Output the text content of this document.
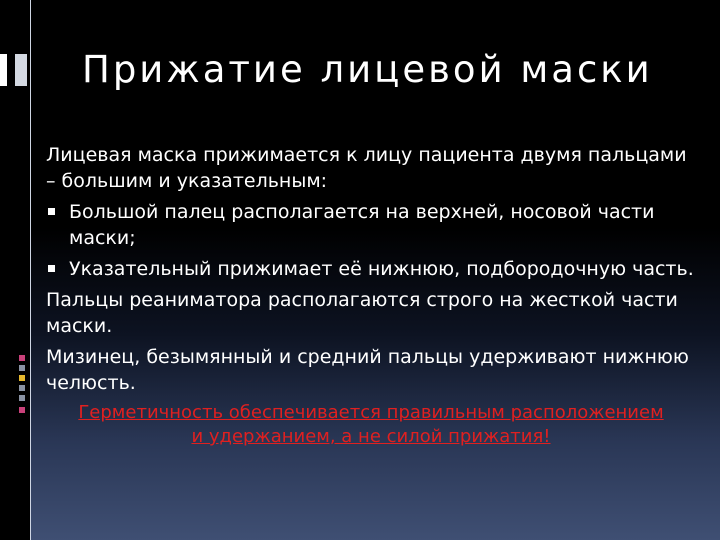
Прижатие лицевой маски

Лицевая маска прижимается к лицу пациента двумя пальцами – большим и указательным:

Большой палец располагается на верхней, носовой части маски;
Указательный прижимает её нижнюю, подбородочную часть.

Пальцы реаниматора располагаются строго на жесткой части маски.

Мизинец, безымянный и средний пальцы удерживают нижнюю челюсть.

Герметичность обеспечивается правильным расположением и удержанием, а не силой прижатия!
